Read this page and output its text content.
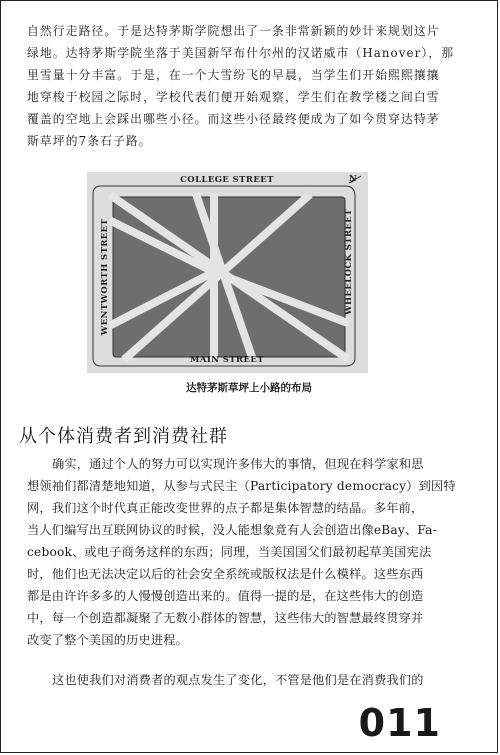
自然行走路径。于是达特茅斯学院想出了一条非常新颖的妙计来规划这片
绿地。达特茅斯学院坐落于美国新罕布什尔州的汉诺威市（Hanover），那
里雪量十分丰富。于是，在一个大雪纷飞的早晨，当学生们开始熙熙攘攘
地穿梭于校园之际时，学校代表们便开始观察，学生们在教学楼之间白雪
覆盖的空地上会踩出哪些小径。而这些小径最终便成为了如今贯穿达特茅
斯草坪的7条石子路。
COLLEGE STREET
MAIN STREET
WENTWORTH STREET	WHEELOCK STREET
N
达特茅斯草坪上小路的布局
从个体消费者到消费社群
确实，通过个人的努力可以实现许多伟大的事情，但现在科学家和思
想领袖们都清楚地知道，从参与式民主（Participatory democracy）到因特
网，我们这个时代真正能改变世界的点子都是集体智慧的结晶。多年前，
当人们编写出互联网协议的时候，没人能想象竟有人会创造出像eBay、Fa-
cebook、或电子商务这样的东西；同理，当美国国父们最初起草美国宪法
时，他们也无法决定以后的社会安全系统或版权法是什么模样。这些东西
都是由许许多多的人慢慢创造出来的。值得一提的是，在这些伟大的创造
中，每一个创造都凝聚了无数小群体的智慧，这些伟大的智慧最终贯穿并
改变了整个美国的历史进程。
这也使我们对消费者的观点发生了变化，不管是他们是在消费我们的
011
